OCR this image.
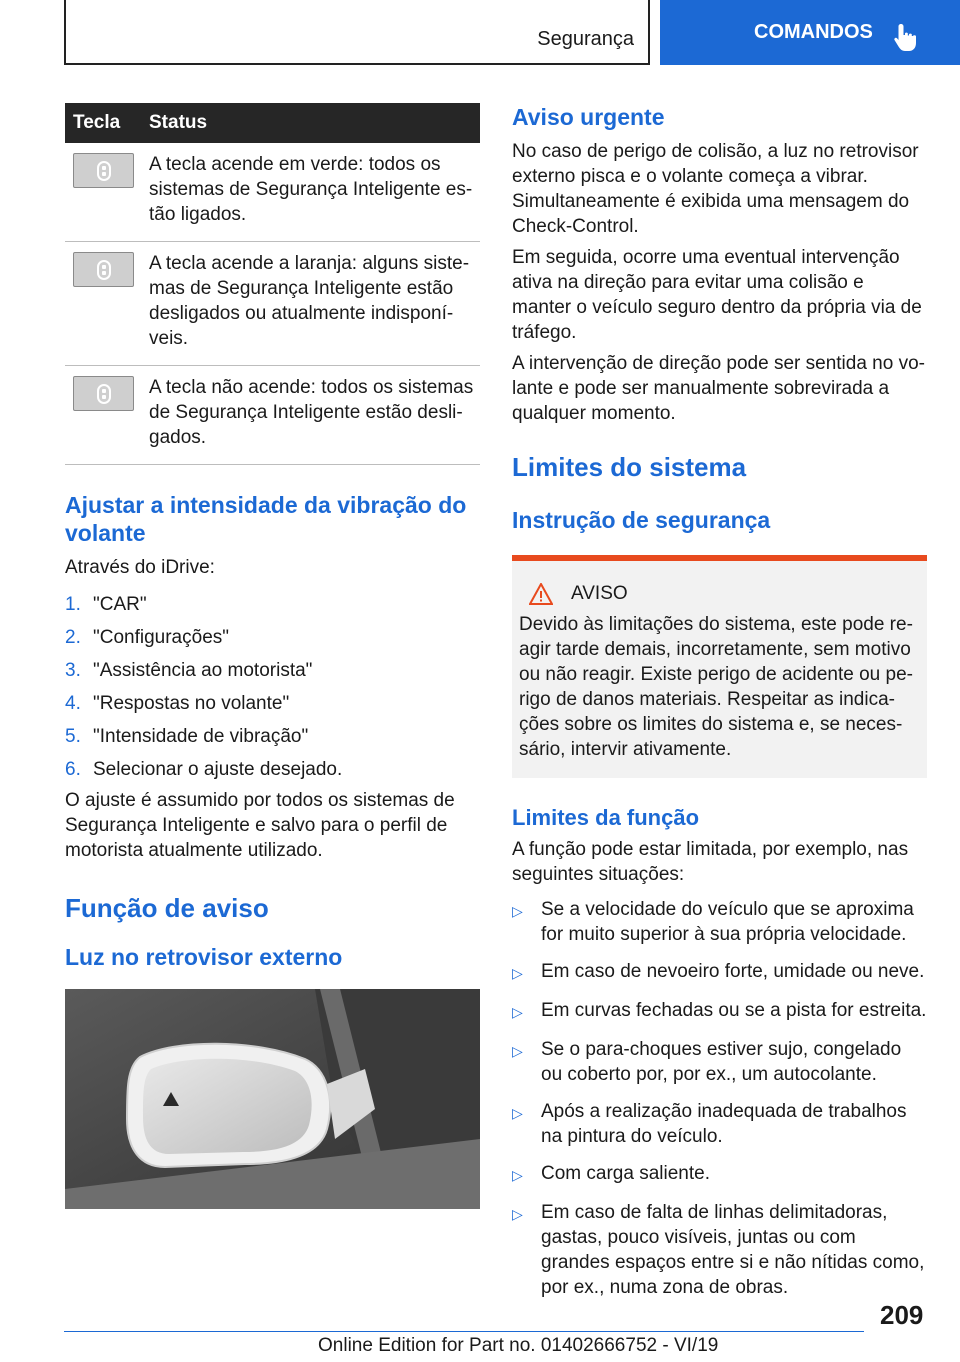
Segurança	COMANDOS
Tecla	Status

	A tecla acende em verde: todos os sistemas de Segurança Inteligente estão ligados.

	A tecla acende a laranja: alguns sistemas de Segurança Inteligente estão desligados ou atualmente indisponíveis.

	A tecla não acende: todos os sistemas de Segurança Inteligente estão desligados.
Ajustar a intensidade da vibração do volante

Através do iDrive:

1. "CAR"
2. "Configurações"
3. "Assistência ao motorista"
4. "Respostas no volante"
5. "Intensidade de vibração"
6. Selecionar o ajuste desejado.

O ajuste é assumido por todos os sistemas de Segurança Inteligente e salvo para o perfil de motorista atualmente utilizado.

Função de aviso
Luz no retrovisor externo
Aviso urgente

No caso de perigo de colisão, a luz no retrovisor externo pisca e o volante começa a vibrar. Simultaneamente é exibida uma mensagem do Check-Control.

Em seguida, ocorre uma eventual intervenção ativa na direção para evitar uma colisão e manter o veículo seguro dentro da própria via de tráfego.

A intervenção de direção pode ser sentida no volante e pode ser manualmente sobrevirada a qualquer momento.

Limites do sistema
Instrução de segurança
AVISO

Devido às limitações do sistema, este pode reagir tarde demais, incorretamente, sem motivo ou não reagir. Existe perigo de acidente ou perigo de danos materiais. Respeitar as indicações sobre os limites do sistema e, se necessário, intervir ativamente.

Limites da função

A função pode estar limitada, por exemplo, nas seguintes situações:

▷ Se a velocidade do veículo que se aproxima for muito superior à sua própria velocidade.
▷ Em caso de nevoeiro forte, umidade ou neve.
▷ Em curvas fechadas ou se a pista for estreita.
▷ Se o para-choques estiver sujo, congelado ou coberto por, por ex., um autocolante.
▷ Após a realização inadequada de trabalhos na pintura do veículo.
▷ Com carga saliente.
▷ Em caso de falta de linhas delimitadoras, gastas, pouco visíveis, juntas ou com grandes espaços entre si e não nítidas como, por ex., numa zona de obras.
209
Online Edition for Part no. 01402666752 - VI/19
